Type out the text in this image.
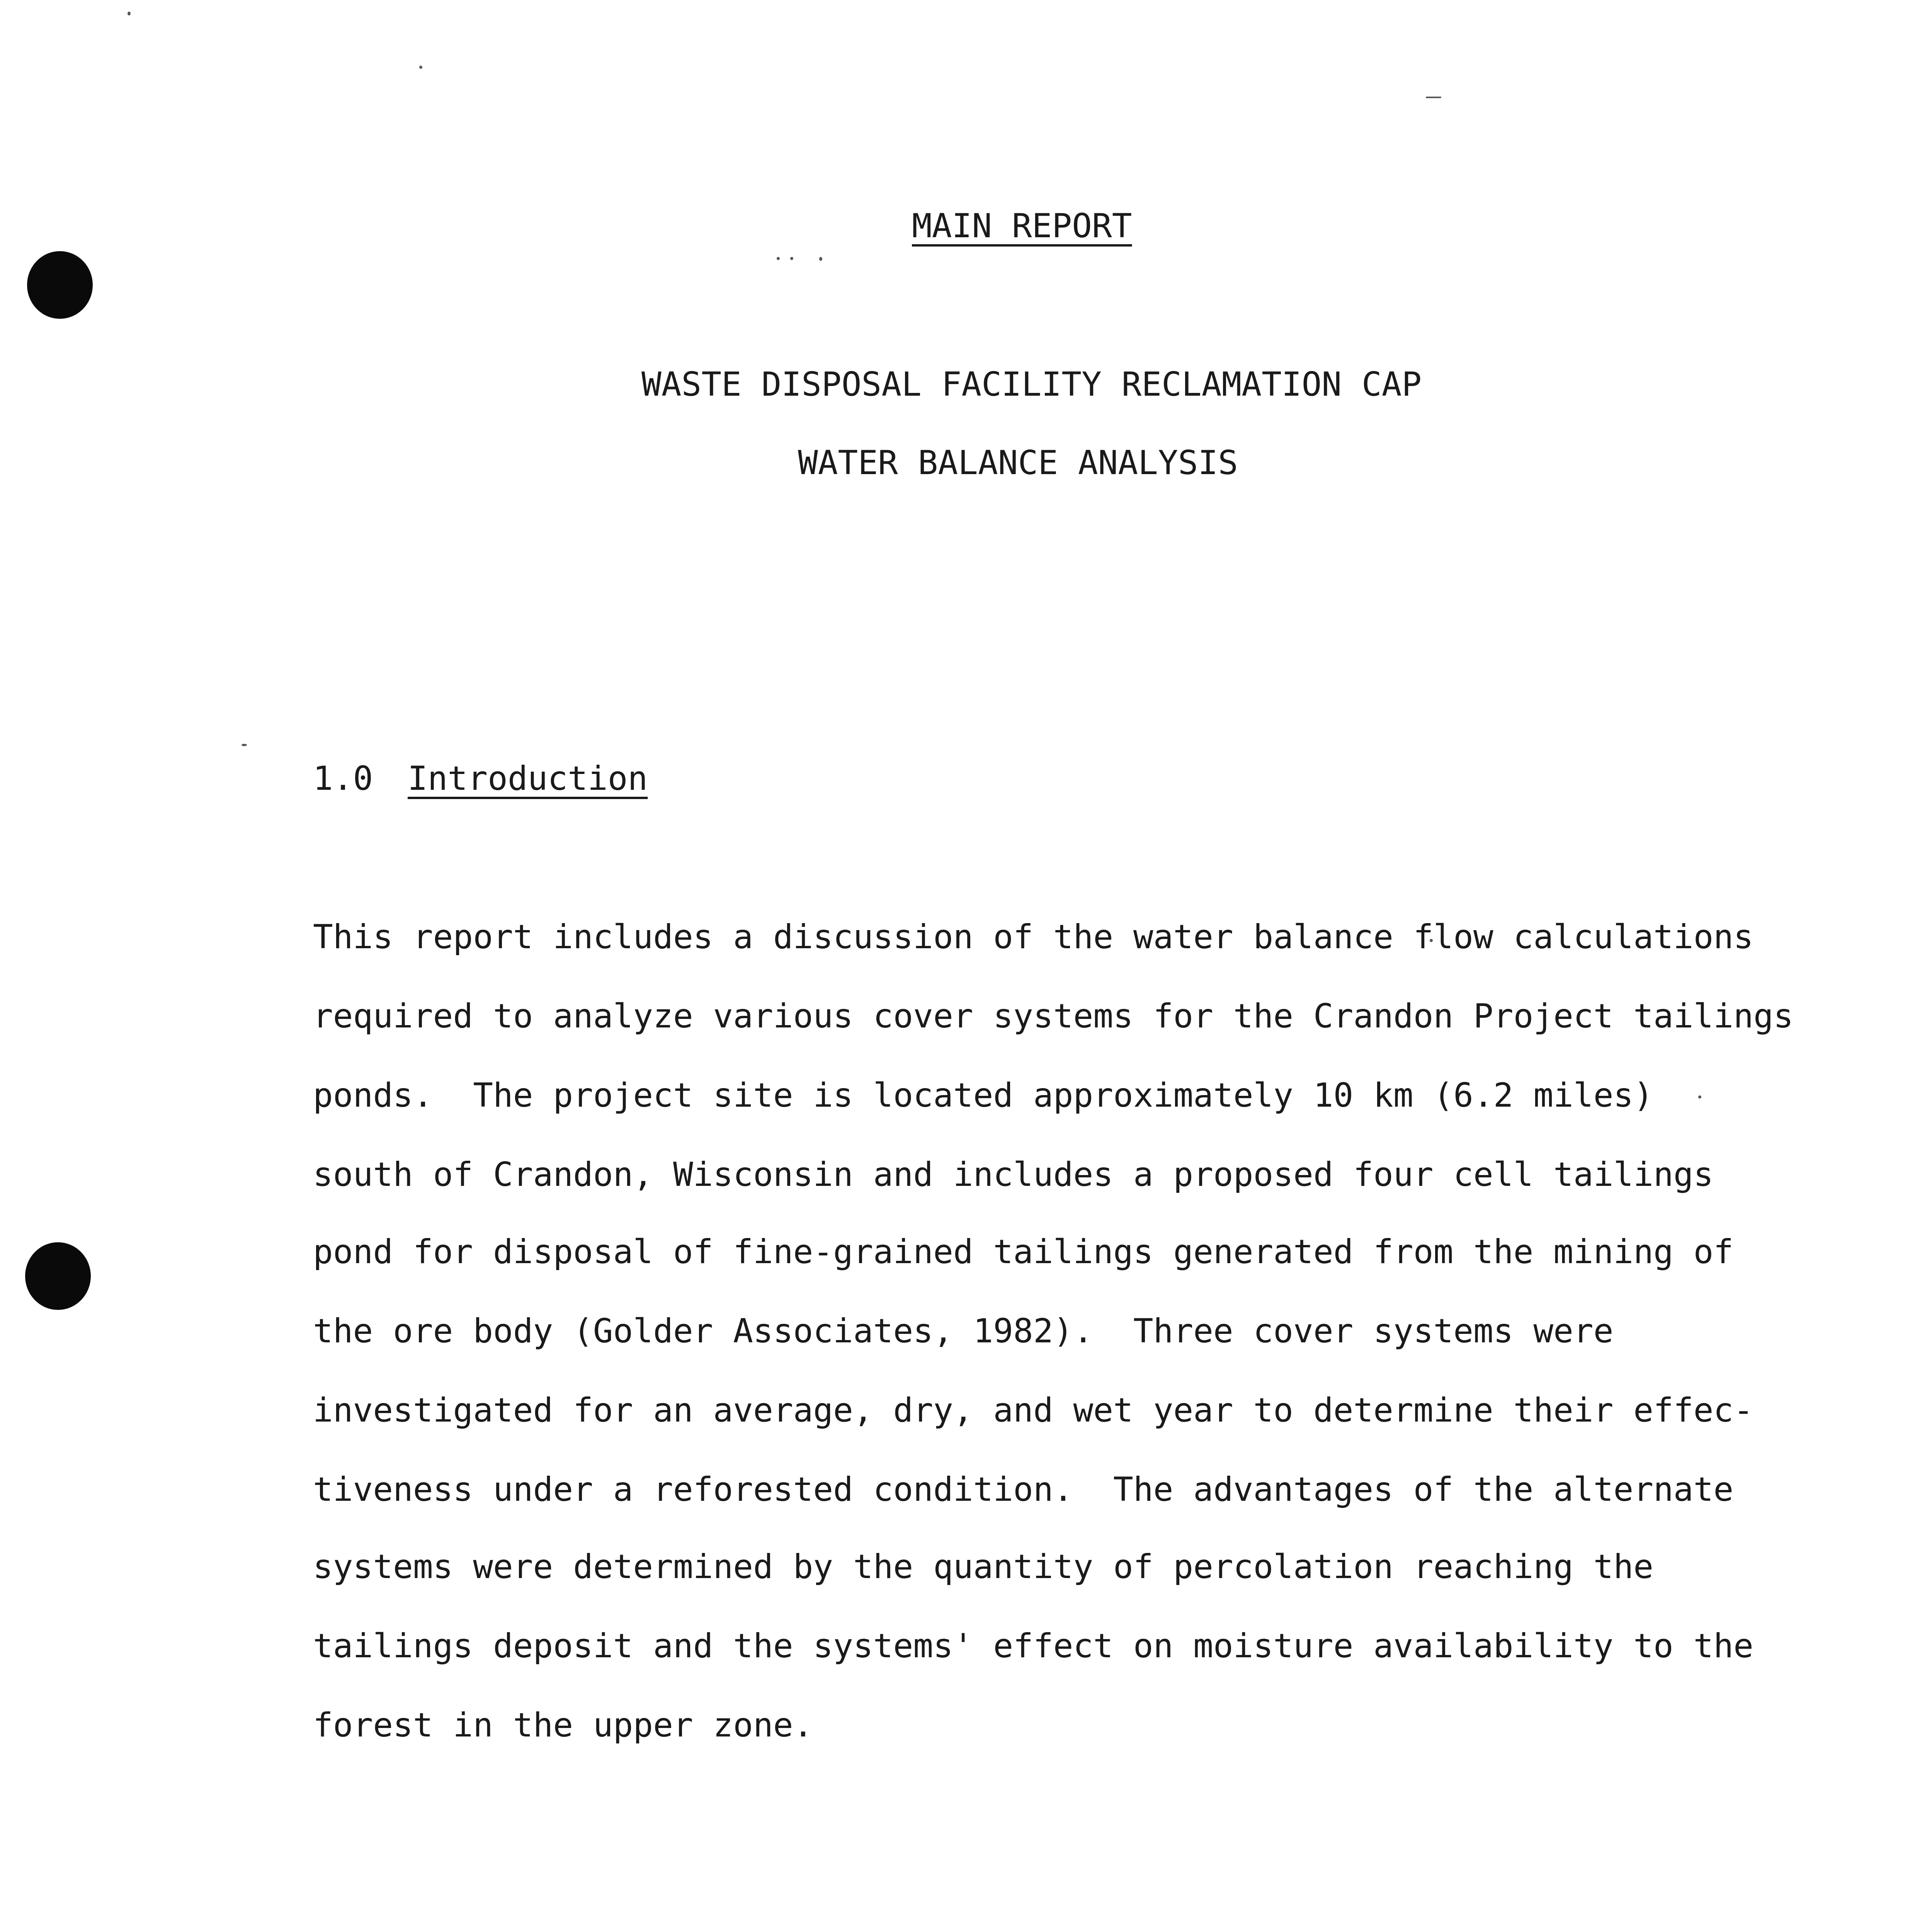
MAIN REPORT
WASTE DISPOSAL FACILITY RECLAMATION CAP
WATER BALANCE ANALYSIS
1.0 Introduction
This report includes a discussion of the water balance flow calculations
required to analyze various cover systems for the Crandon Project tailings
ponds.  The project site is located approximately 10 km (6.2 miles)
south of Crandon, Wisconsin and includes a proposed four cell tailings
pond for disposal of fine-grained tailings generated from the mining of
the ore body (Golder Associates, 1982).  Three cover systems were
investigated for an average, dry, and wet year to determine their effec-
tiveness under a reforested condition.  The advantages of the alternate
systems were determined by the quantity of percolation reaching the
tailings deposit and the systems' effect on moisture availability to the
forest in the upper zone.
